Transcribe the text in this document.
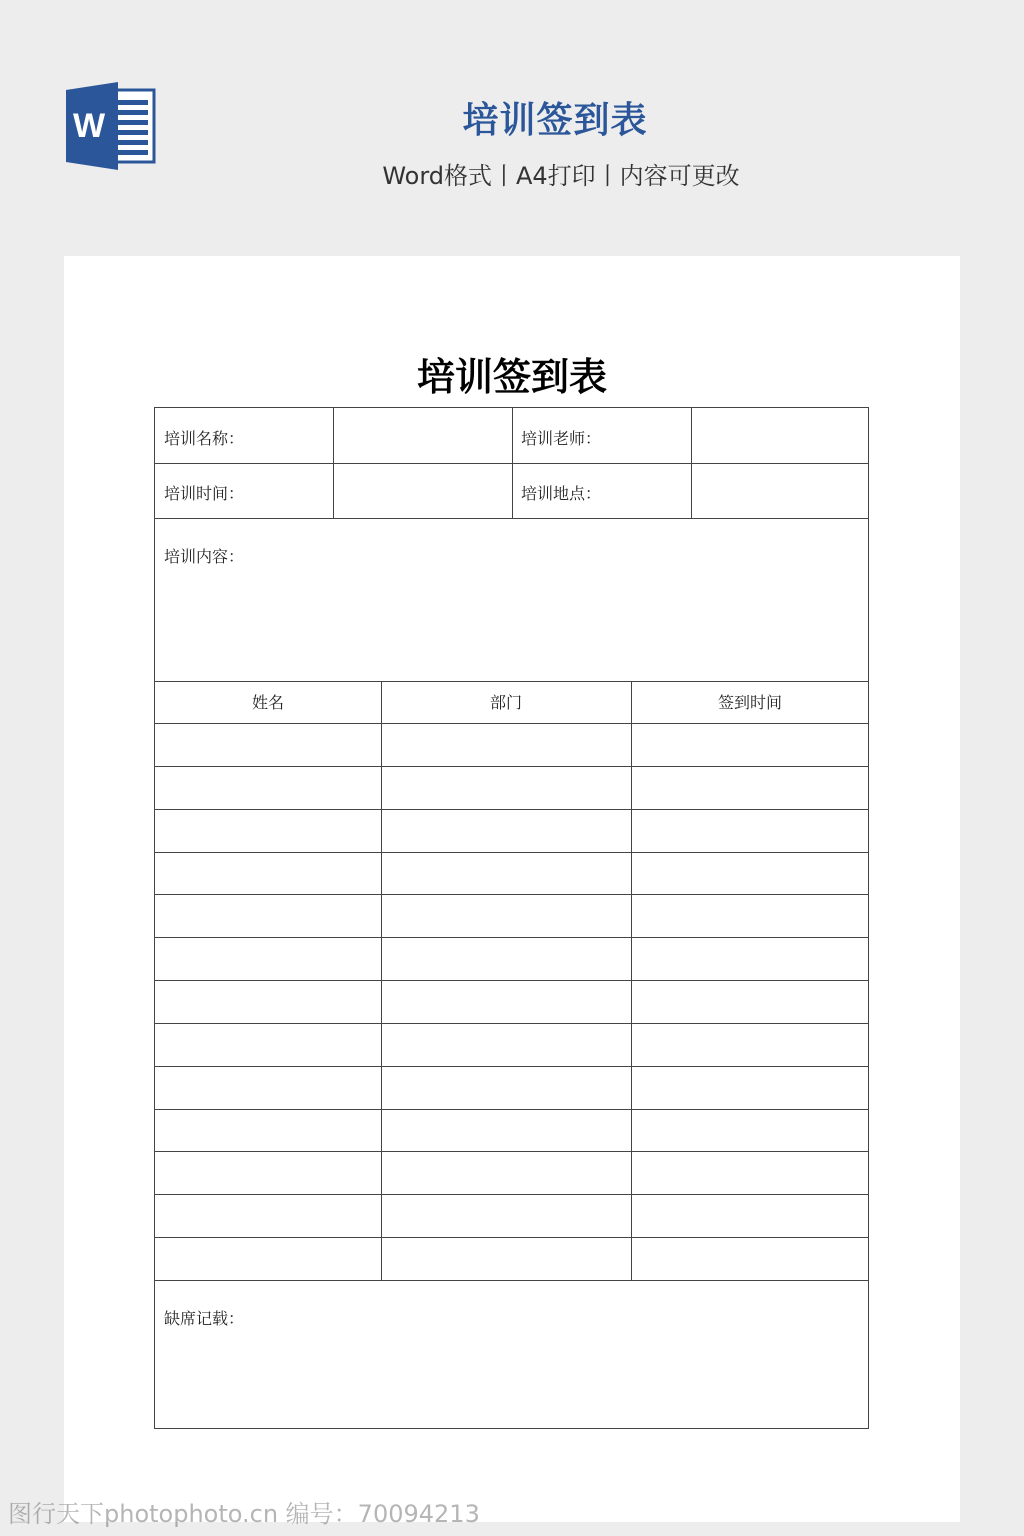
W	培训签到表
Word格式丨A4打印丨内容可更改
培训签到表
培训名称：	培训老师：
培训时间：	培训地点：
培训内容：
姓名	部门	签到时间
缺席记载：
图行天下photophoto.cn 编号：70094213
